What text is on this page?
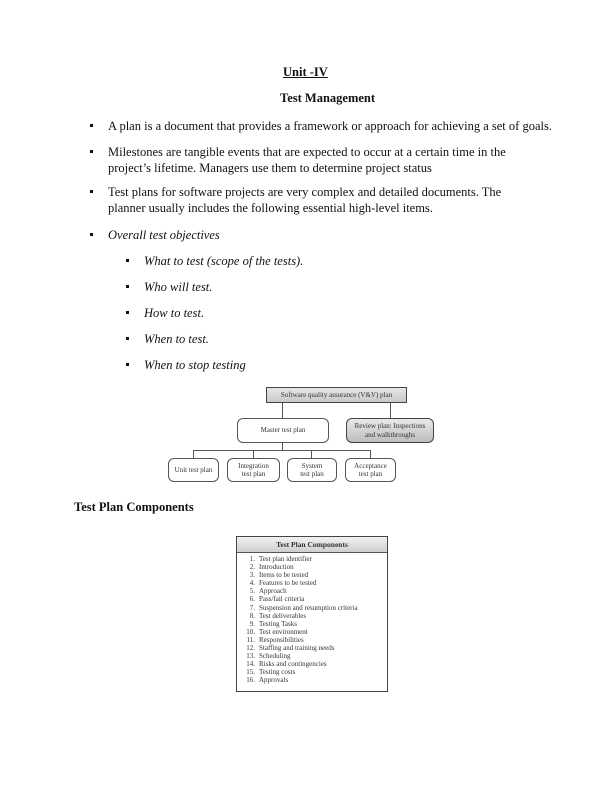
Unit -IV
Test Management
A plan is a document that provides a framework or approach for achieving a set of goals.
Milestones are tangible events that are expected to occur at a certain time in the project’s lifetime. Managers use them to determine project status
Test plans for software projects are very complex and detailed documents. The planner usually includes the following essential high-level items.
Overall test objectives
What to test (scope of the tests).
Who will test.
How to test.
When to test.
When to stop testing
Software quality assurance (V&V) plan
Master test plan
Review plan: Inspections and walkthroughs
Unit test plan
Integration test plan
System test plan
Acceptance test plan
Test Plan Components
Test Plan Components
1. Test plan identifier
2. Introduction
3. Items to be tested
4. Features to be tested
5. Approach
6. Pass/fail criteria
7. Suspension and resumption criteria
8. Test deliverables
9. Testing Tasks
10. Test environment
11. Responsibilities
12. Staffing and training needs
13. Scheduling
14. Risks and contingencies
15. Testing costs
16. Approvals
